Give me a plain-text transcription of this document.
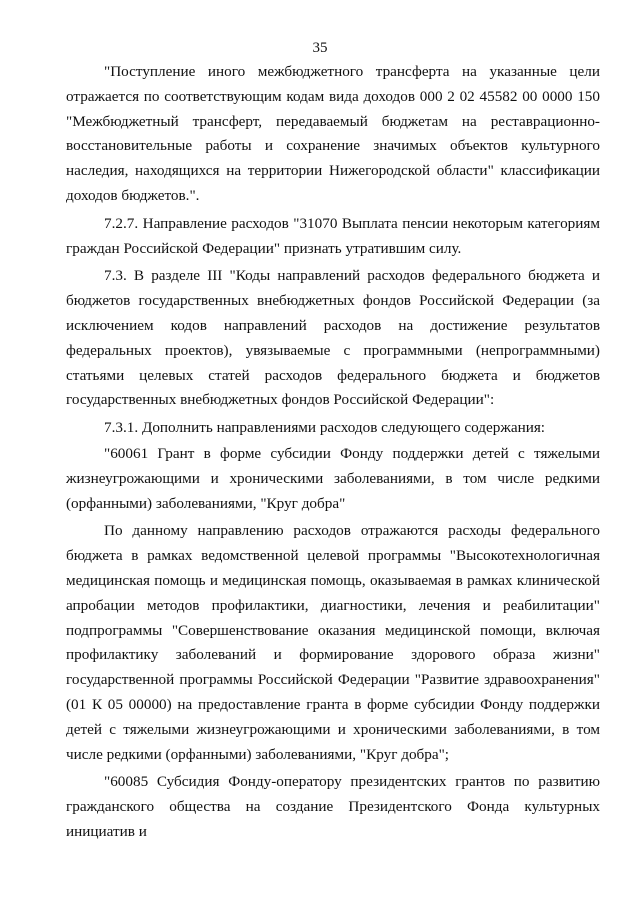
35

"Поступление иного межбюджетного трансферта на указанные цели отражается по соответствующим кодам вида доходов 000 2 02 45582 00 0000 150 "Межбюджетный трансферт, передаваемый бюджетам на реставрационно-восстановительные работы и сохранение значимых объектов культурного наследия, находящихся на территории Нижегородской области" классификации доходов бюджетов.".

7.2.7. Направление расходов "31070 Выплата пенсии некоторым категориям граждан Российской Федерации" признать утратившим силу.

7.3. В разделе III "Коды направлений расходов федерального бюджета и бюджетов государственных внебюджетных фондов Российской Федерации (за исключением кодов направлений расходов на достижение результатов федеральных проектов), увязываемые с программными (непрограммными) статьями целевых статей расходов федерального бюджета и бюджетов государственных внебюджетных фондов Российской Федерации":

7.3.1. Дополнить направлениями расходов следующего содержания:

"60061 Грант в форме субсидии Фонду поддержки детей с тяжелыми жизнеугрожающими и хроническими заболеваниями, в том числе редкими (орфанными) заболеваниями, "Круг добра"

По данному направлению расходов отражаются расходы федерального бюджета в рамках ведомственной целевой программы "Высокотехнологичная медицинская помощь и медицинская помощь, оказываемая в рамках клинической апробации методов профилактики, диагностики, лечения и реабилитации" подпрограммы "Совершенствование оказания медицинской помощи, включая профилактику заболеваний и формирование здорового образа жизни" государственной программы Российской Федерации "Развитие здравоохранения" (01 К 05 00000) на предоставление гранта в форме субсидии Фонду поддержки детей с тяжелыми жизнеугрожающими и хроническими заболеваниями, в том числе редкими (орфанными) заболеваниями, "Круг добра";

"60085 Субсидия Фонду-оператору президентских грантов по развитию гражданского общества на создание Президентского Фонда культурных инициатив и
